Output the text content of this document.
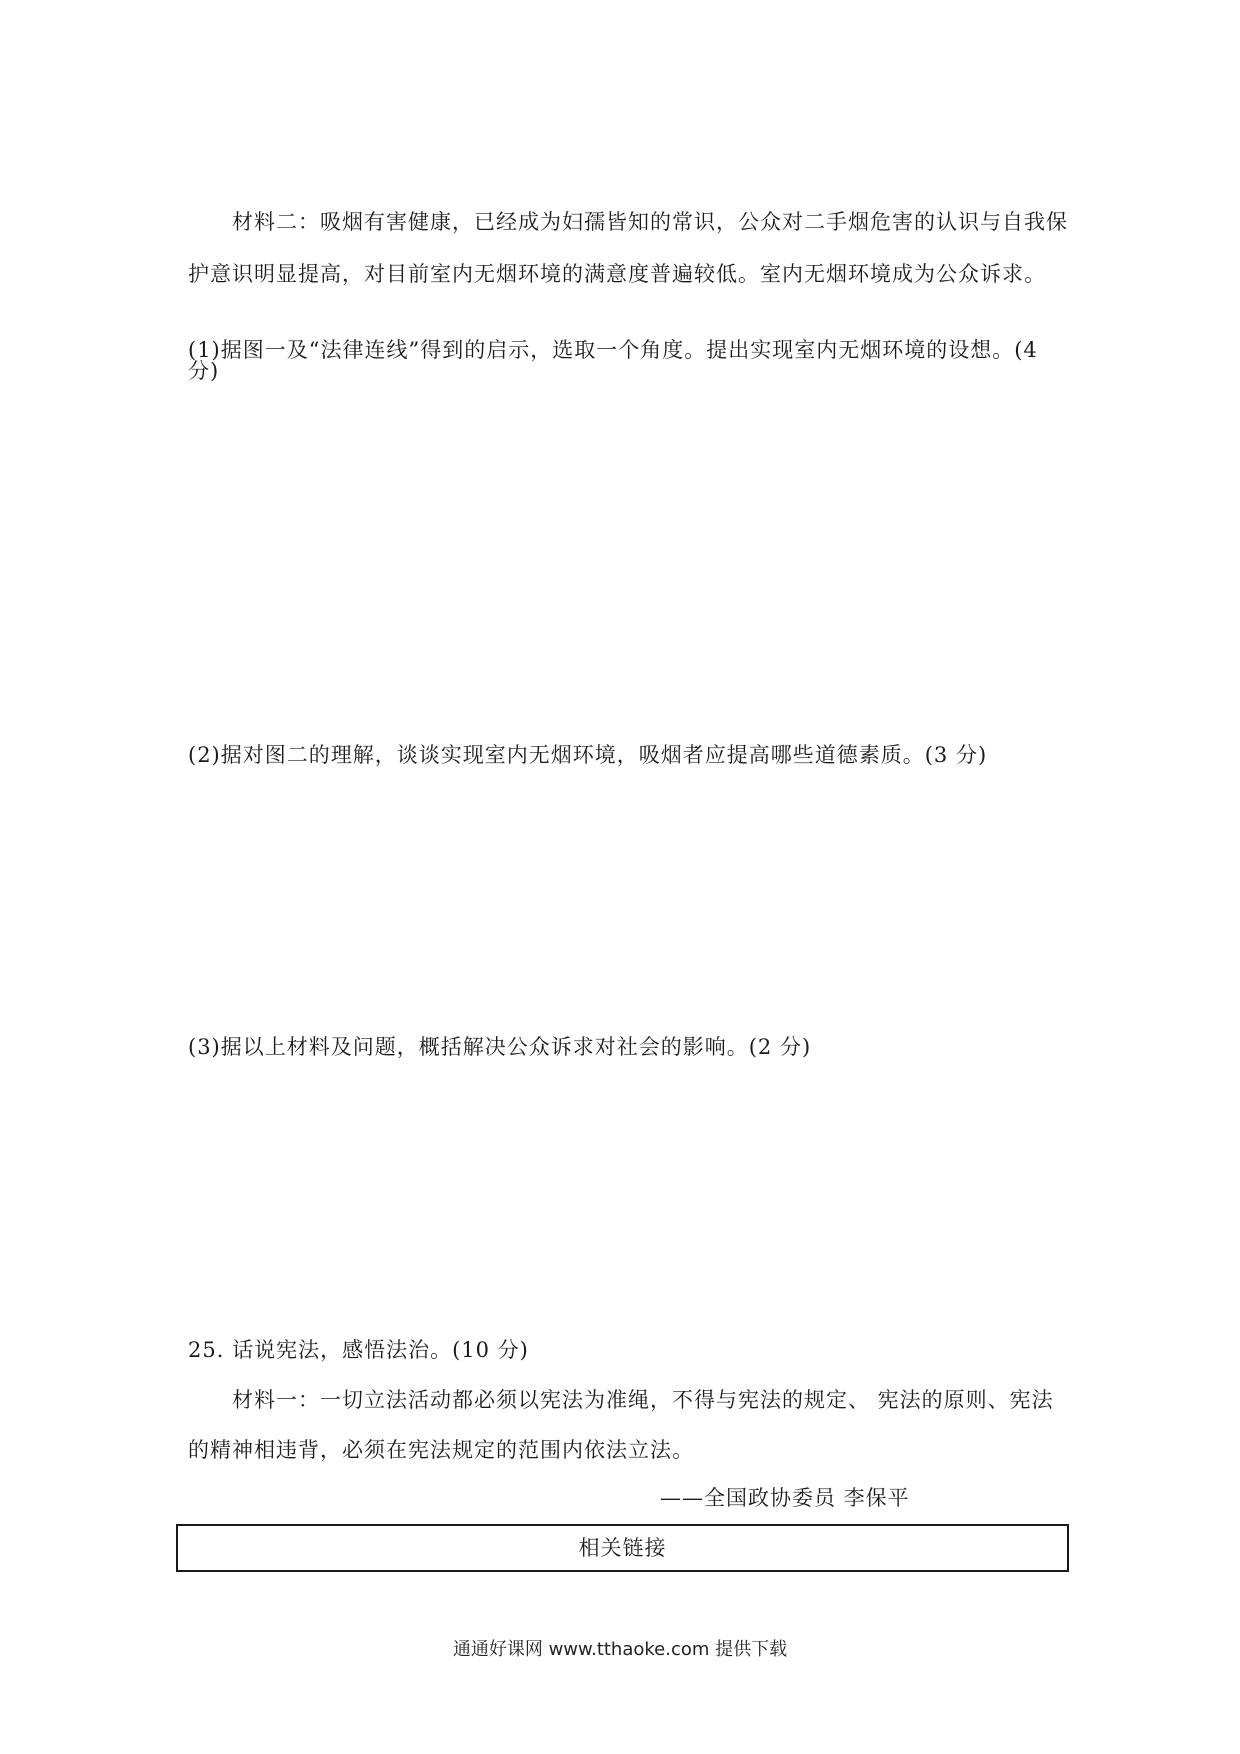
材料二：吸烟有害健康，已经成为妇孺皆知的常识，公众对二手烟危害的认识与自我保
护意识明显提高，对目前室内无烟环境的满意度普遍较低。室内无烟环境成为公众诉求。
(1)据图一及“法律连线”得到的启示，选取一个角度。提出实现室内无烟环境的设想。(4
分)
(2)据对图二的理解，谈谈实现室内无烟环境，吸烟者应提高哪些道德素质。(3 分)
(3)据以上材料及问题，概括解决公众诉求对社会的影响。(2 分)
25. 话说宪法，感悟法治。(10 分)
材料一：一切立法活动都必须以宪法为准绳，不得与宪法的规定、 宪法的原则、宪法
的精神相违背，必须在宪法规定的范围内依法立法。
——全国政协委员 李保平
相关链接
通通好课网 www.tthaoke.com 提供下载
